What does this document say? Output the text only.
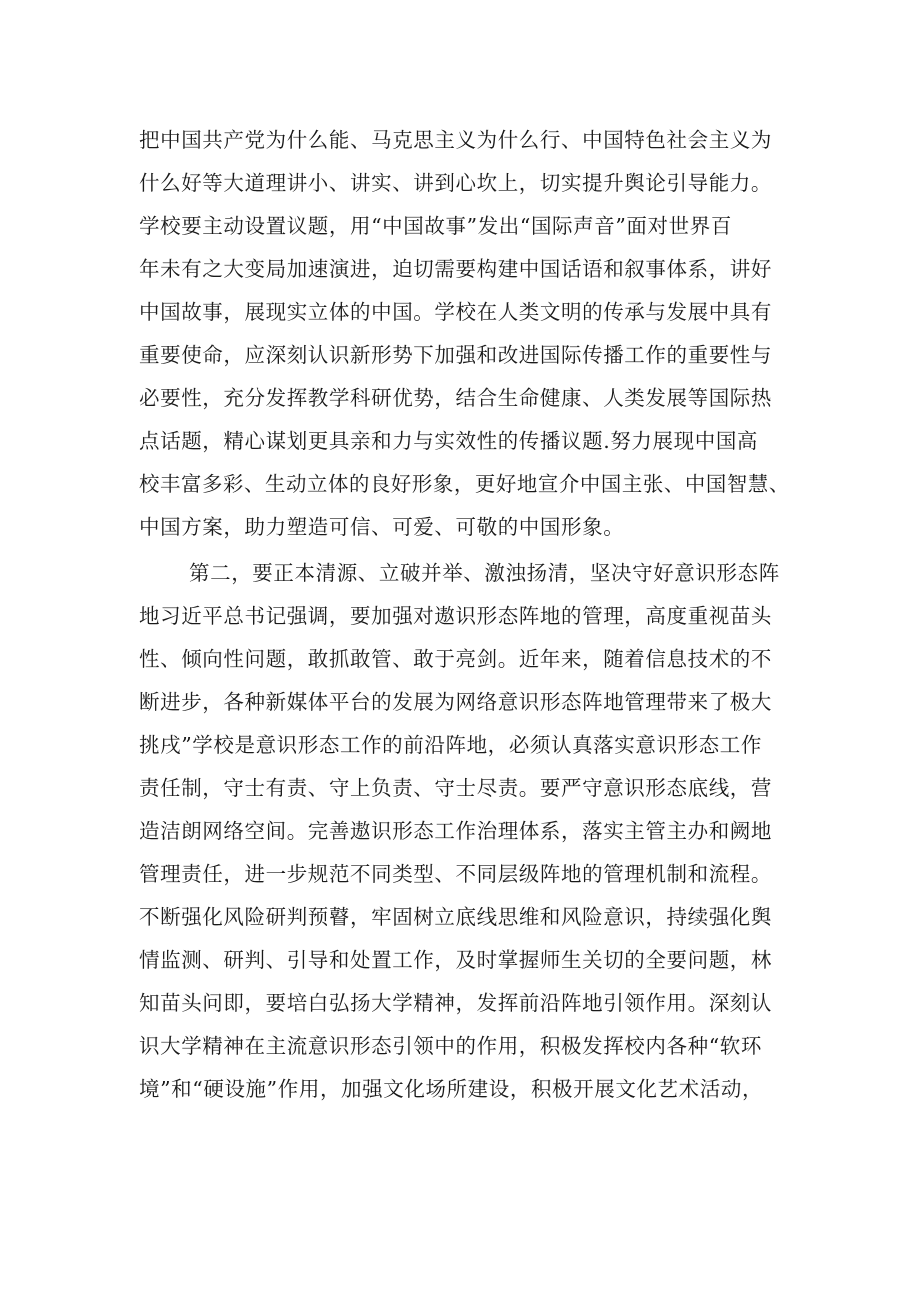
把中国共产党为什么能、马克思主义为什么行、中国特色社会主义为
什么好等大道理讲小、讲实、讲到心坎上，切实提升舆论引导能力。
学校要主动设置议题，用“中国故事”发出“国际声音”面对世界百
年未有之大变局加速演进，迫切需要构建中国话语和叙事体系，讲好
中国故事，展现实立体的中国。学校在人类文明的传承与发展中具有
重要使命，应深刻认识新形势下加强和改进国际传播工作的重要性与
必要性，充分发挥教学科研优势，结合生命健康、人类发展等国际热
点话题，精心谋划更具亲和力与实效性的传播议题.努力展现中国高
校丰富多彩、生动立体的良好形象，更好地宣介中国主张、中国智慧、
中国方案，助力塑造可信、可爱、可敬的中国形象。
第二，要正本清源、立破并举、激浊扬清，坚决守好意识形态阵
地习近平总书记强调，要加强对遨识形态阵地的管理，高度重视苗头
性、倾向性问题，敢抓敢管、敢于亮剑。近年来，随着信息技术的不
断进步，各种新媒体平台的发展为网络意识形态阵地管理带来了极大
挑戌”学校是意识形态工作的前沿阵地，必须认真落实意识形态工作
责任制，守士有责、守上负责、守士尽责。要严守意识形态底线，营
造洁朗网络空间。完善遨识形态工作治理体系，落实主管主办和阙地
管理责任，进一步规范不同类型、不同层级阵地的管理机制和流程。
不断强化风险研判预瞽，牢固树立底线思维和风险意识，持续强化舆
情监测、研判、引导和处置工作，及时掌握师生关切的全要问题，林
知苗头问即，要培白弘扬大学精神，发挥前沿阵地引领作用。深刻认
识大学精神在主流意识形态引领中的作用，积极发挥校内各种“软环
境”和“硬设施”作用，加强文化场所建设，积极开展文化艺术活动，
